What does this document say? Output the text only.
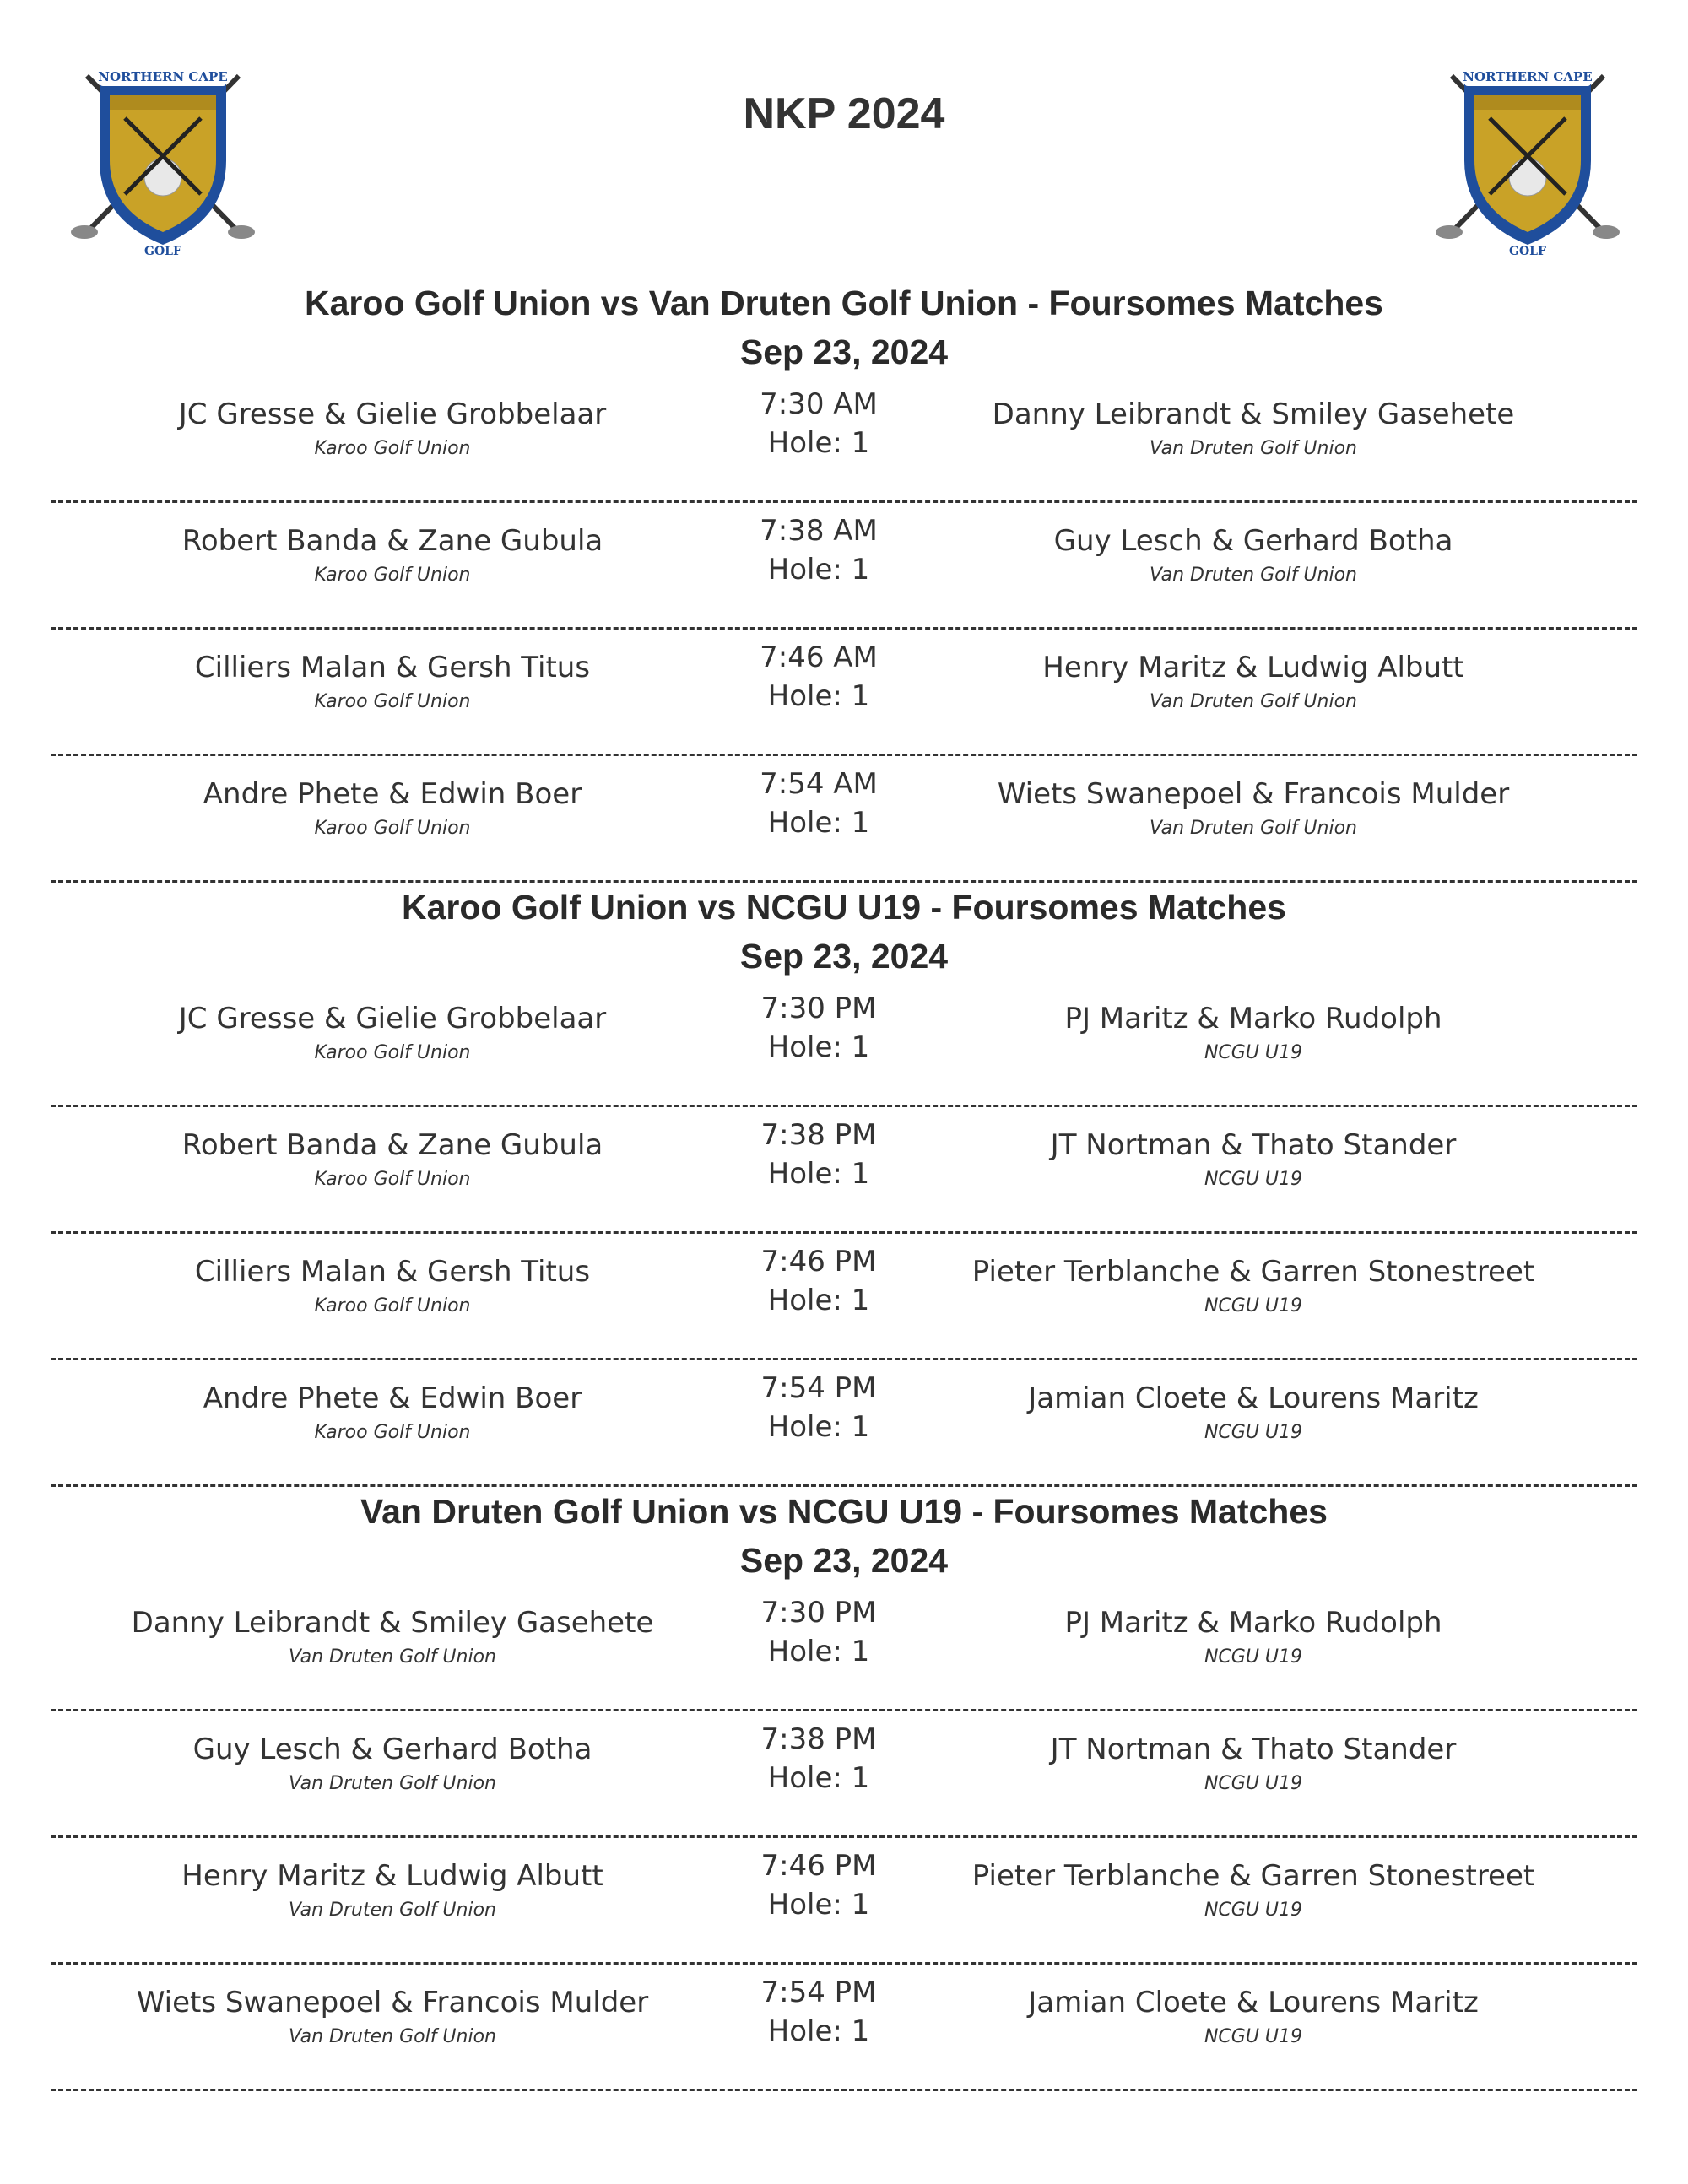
NORTHERN CAPE
GOLF
NORTHERN CAPE
GOLF
NKP 2024
Karoo Golf Union vs Van Druten Golf Union - Foursomes Matches
Sep 23, 2024
JC Gresse & Gielie Grobbelaar
Karoo Golf Union
7:30 AM
Hole: 1
Danny Leibrandt & Smiley Gasehete
Van Druten Golf Union
Robert Banda & Zane Gubula
Karoo Golf Union
7:38 AM
Hole: 1
Guy Lesch & Gerhard Botha
Van Druten Golf Union
Cilliers Malan & Gersh Titus
Karoo Golf Union
7:46 AM
Hole: 1
Henry Maritz & Ludwig Albutt
Van Druten Golf Union
Andre Phete & Edwin Boer
Karoo Golf Union
7:54 AM
Hole: 1
Wiets Swanepoel & Francois Mulder
Van Druten Golf Union
Karoo Golf Union vs NCGU U19 - Foursomes Matches
Sep 23, 2024
JC Gresse & Gielie Grobbelaar
Karoo Golf Union
7:30 PM
Hole: 1
PJ Maritz & Marko Rudolph
NCGU U19
Robert Banda & Zane Gubula
Karoo Golf Union
7:38 PM
Hole: 1
JT Nortman & Thato Stander
NCGU U19
Cilliers Malan & Gersh Titus
Karoo Golf Union
7:46 PM
Hole: 1
Pieter Terblanche & Garren Stonestreet
NCGU U19
Andre Phete & Edwin Boer
Karoo Golf Union
7:54 PM
Hole: 1
Jamian Cloete & Lourens Maritz
NCGU U19
Van Druten Golf Union vs NCGU U19 - Foursomes Matches
Sep 23, 2024
Danny Leibrandt & Smiley Gasehete
Van Druten Golf Union
7:30 PM
Hole: 1
PJ Maritz & Marko Rudolph
NCGU U19
Guy Lesch & Gerhard Botha
Van Druten Golf Union
7:38 PM
Hole: 1
JT Nortman & Thato Stander
NCGU U19
Henry Maritz & Ludwig Albutt
Van Druten Golf Union
7:46 PM
Hole: 1
Pieter Terblanche & Garren Stonestreet
NCGU U19
Wiets Swanepoel & Francois Mulder
Van Druten Golf Union
7:54 PM
Hole: 1
Jamian Cloete & Lourens Maritz
NCGU U19
